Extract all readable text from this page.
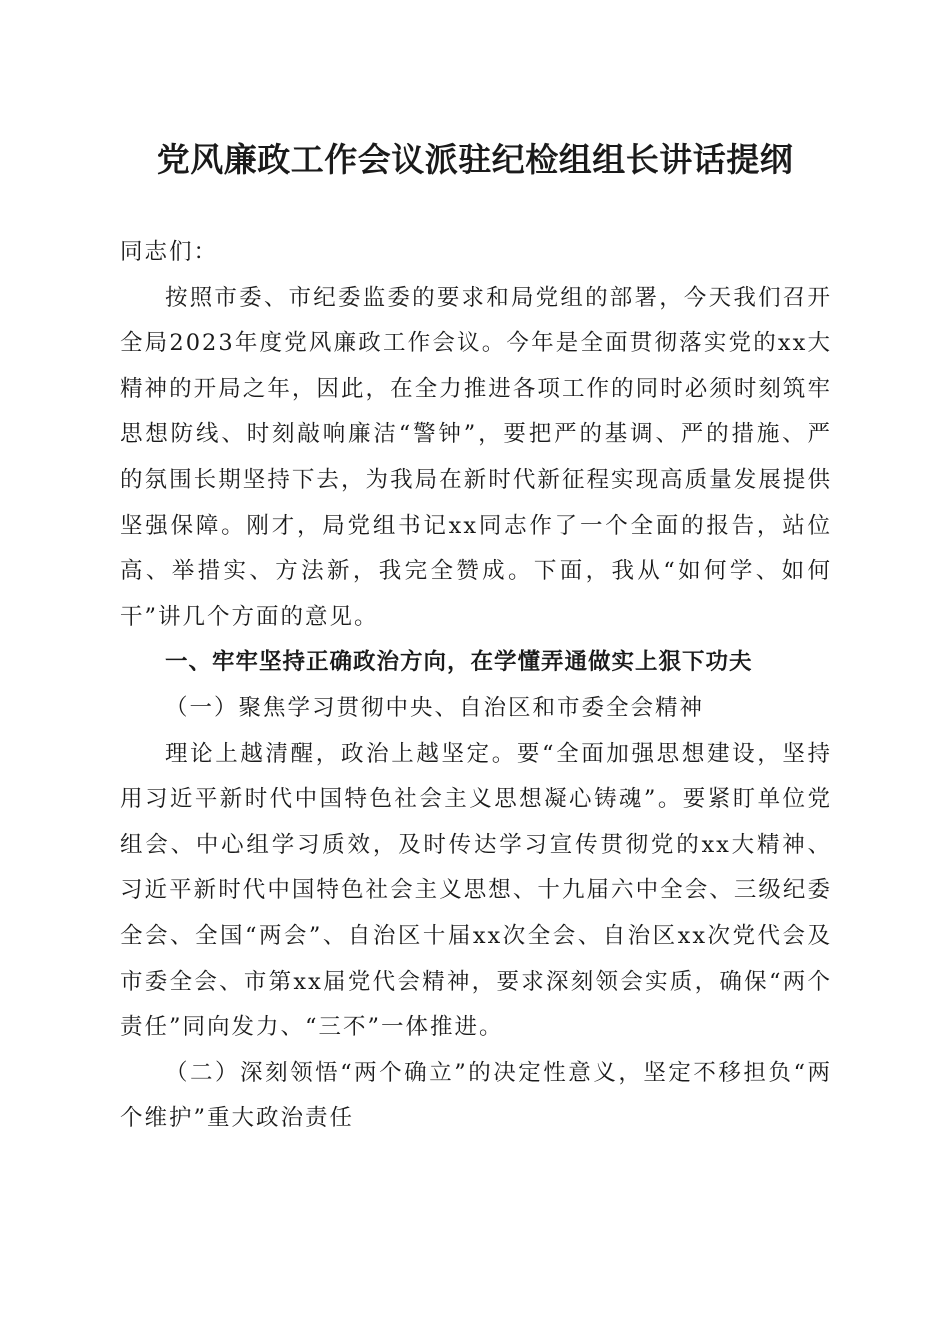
党风廉政工作会议派驻纪检组组长讲话提纲

同志们：

按照市委、市纪委监委的要求和局党组的部署，今天我们召开全局2023年度党风廉政工作会议。今年是全面贯彻落实党的xx大精神的开局之年，因此，在全力推进各项工作的同时必须时刻筑牢思想防线、时刻敲响廉洁“警钟”，要把严的基调、严的措施、严的氛围长期坚持下去，为我局在新时代新征程实现高质量发展提供坚强保障。刚才，局党组书记xx同志作了一个全面的报告，站位高、举措实、方法新，我完全赞成。下面，我从“如何学、如何干”讲几个方面的意见。

一、牢牢坚持正确政治方向，在学懂弄通做实上狠下功夫

（一）聚焦学习贯彻中央、自治区和市委全会精神

理论上越清醒，政治上越坚定。要“全面加强思想建设，坚持用习近平新时代中国特色社会主义思想凝心铸魂”。要紧盯单位党组会、中心组学习质效，及时传达学习宣传贯彻党的xx大精神、习近平新时代中国特色社会主义思想、十九届六中全会、三级纪委全会、全国“两会”、自治区十届xx次全会、自治区xx次党代会及市委全会、市第xx届党代会精神，要求深刻领会实质，确保“两个责任”同向发力、“三不”一体推进。

（二）深刻领悟“两个确立”的决定性意义，坚定不移担负“两个维护”重大政治责任
